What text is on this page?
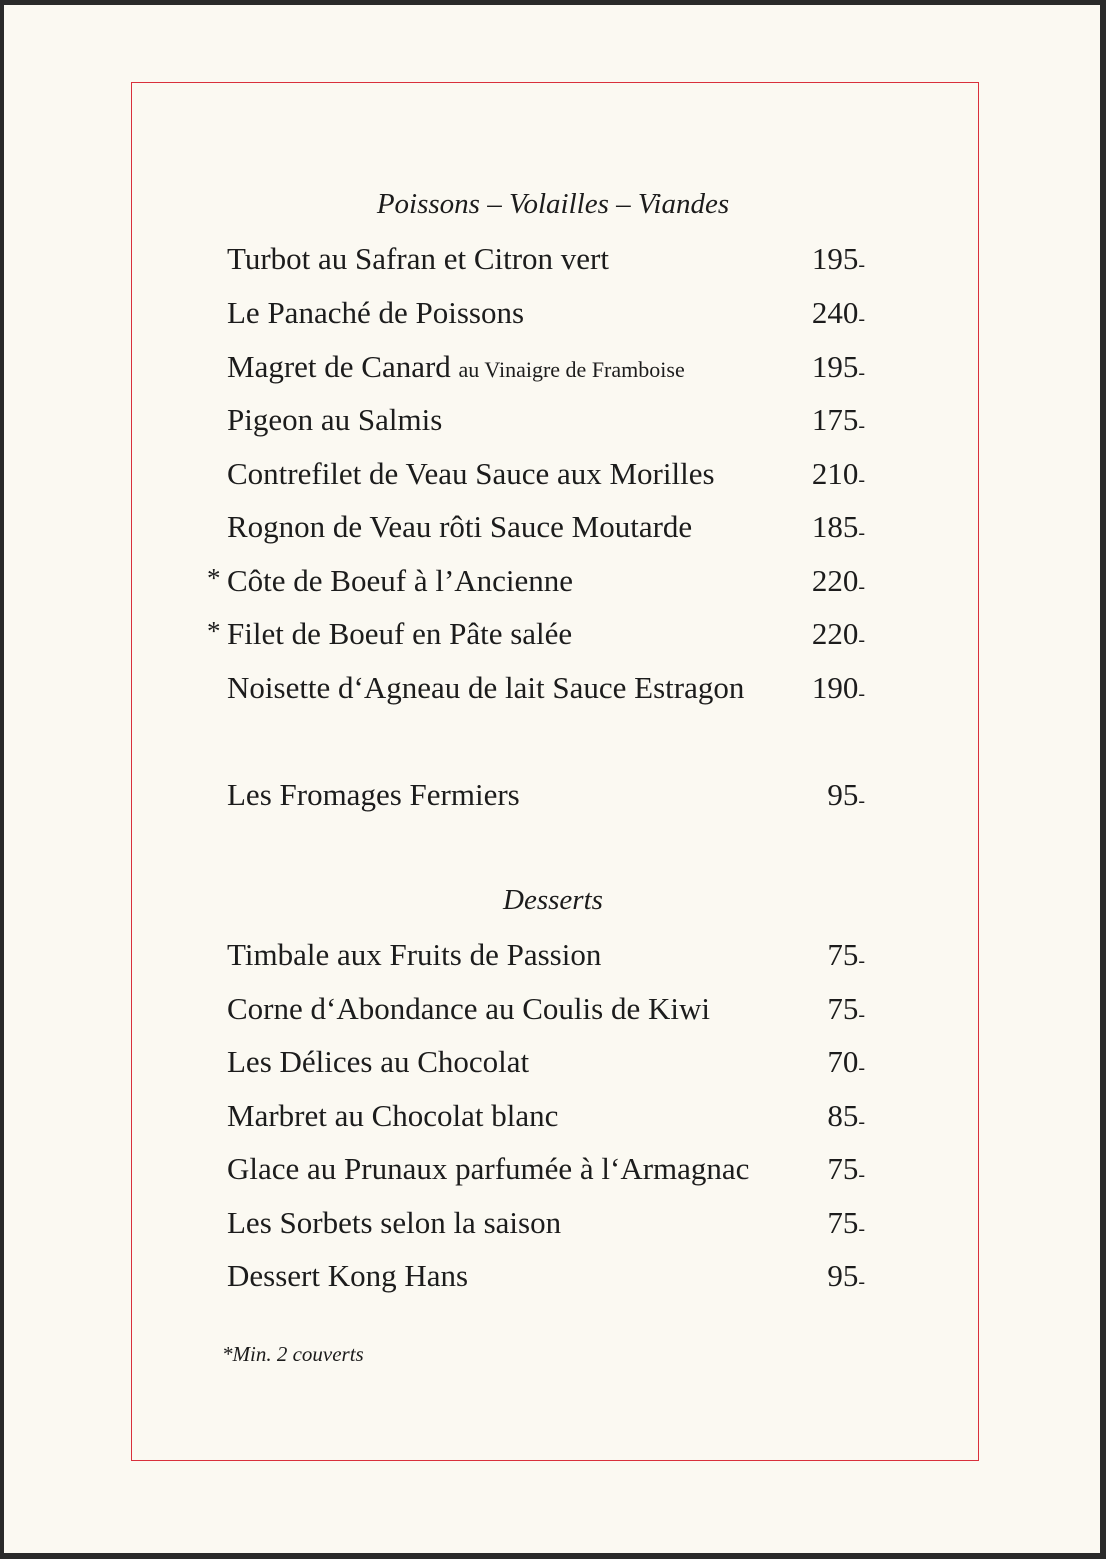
Poissons – Volailles – Viandes
Turbot au Safran et Citron vert	195-
Le Panaché de Poissons	240-
Magret de Canard au Vinaigre de Framboise	195-
Pigeon au Salmis	175-
Contrefilet de Veau Sauce aux Morilles	210-
Rognon de Veau rôti Sauce Moutarde	185-
* Côte de Boeuf à l’Ancienne	220-
* Filet de Boeuf en Pâte salée	220-
Noisette d‘Agneau de lait Sauce Estragon 190-
Les Fromages Fermiers	95-
Desserts
Timbale aux Fruits de Passion	75-
Corne d‘Abondance au Coulis de Kiwi	75-
Les Délices au Chocolat	70-
Marbret au Chocolat blanc	85-
Glace au Prunaux parfumée à l‘Armagnac	75-
Les Sorbets selon la saison	75-
Dessert Kong Hans	95-
*Min. 2 couverts
